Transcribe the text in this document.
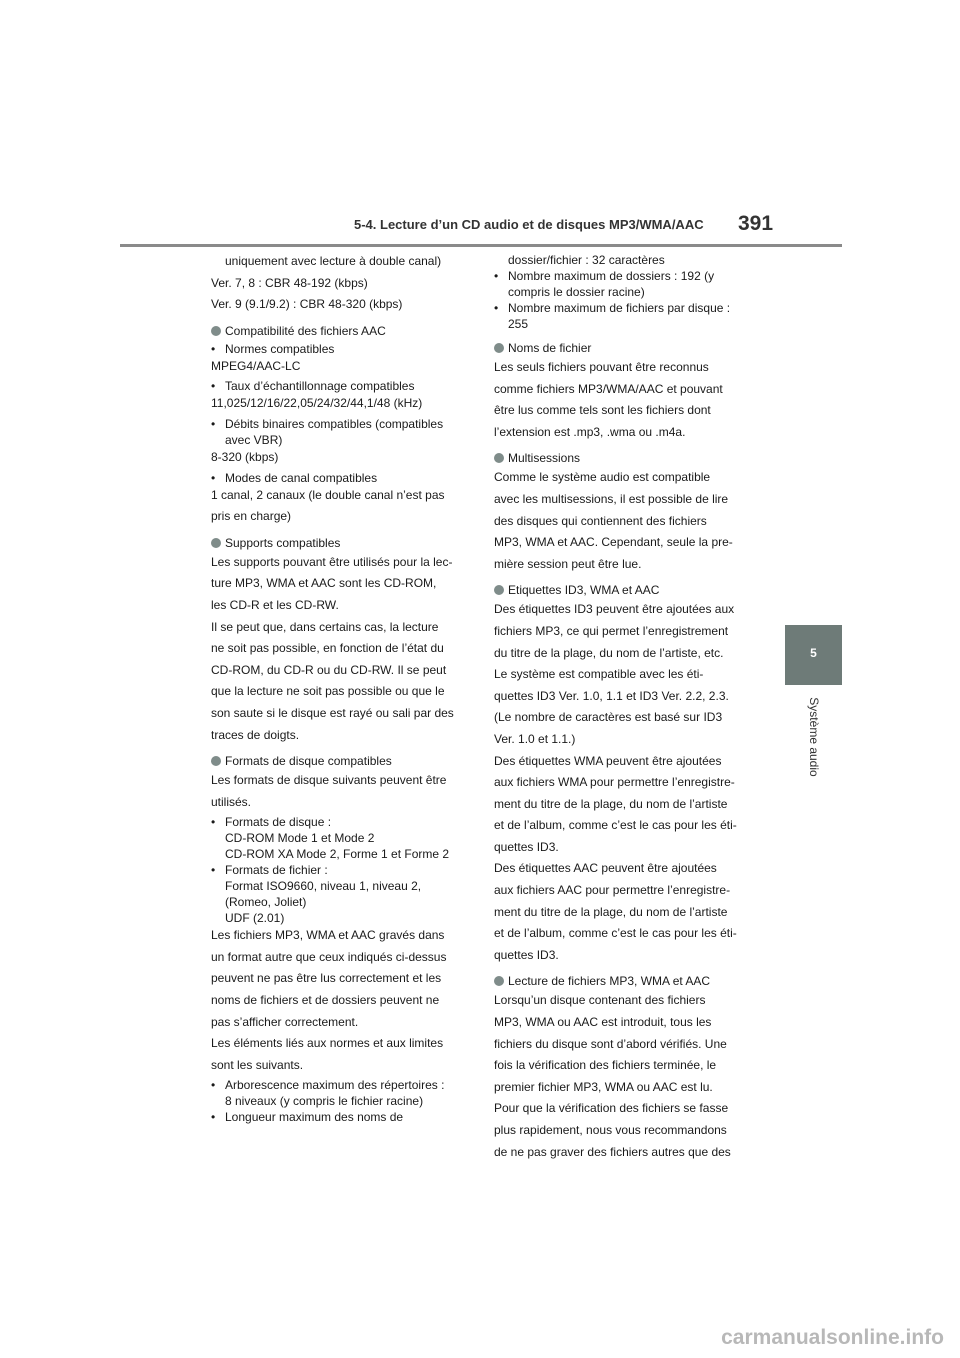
5-4. Lecture d’un CD audio et de disques MP3/WMA/AAC 391
5
Système audio

uniquement avec lecture à double canal)

Ver. 7, 8 : CBR 48-192 (kbps)

Ver. 9 (9.1/9.2) : CBR 48-320 (kbps)

Compatibilité des fichiers AAC
• Normes compatibles

MPEG4/AAC-LC

• Taux d’échantillonnage compatibles

11,025/12/16/22,05/24/32/44,1/48 (kHz)

• Débits binaires compatibles (compatibles
avec VBR)

8-320 (kbps)

• Modes de canal compatibles

1 canal, 2 canaux (le double canal n’est pas

pris en charge)

Supports compatibles

Les supports pouvant être utilisés pour la lec-

ture MP3, WMA et AAC sont les CD-ROM,

les CD-R et les CD-RW.

Il se peut que, dans certains cas, la lecture

ne soit pas possible, en fonction de l’état du

CD-ROM, du CD-R ou du CD-RW. Il se peut

que la lecture ne soit pas possible ou que le

son saute si le disque est rayé ou sali par des

traces de doigts.

Formats de disque compatibles

Les formats de disque suivants peuvent être

utilisés.

• Formats de disque :
CD-ROM Mode 1 et Mode 2
CD-ROM XA Mode 2, Forme 1 et Forme 2
• Formats de fichier :
Format ISO9660, niveau 1, niveau 2,
(Romeo, Joliet)
UDF (2.01)

Les fichiers MP3, WMA et AAC gravés dans

un format autre que ceux indiqués ci-dessus

peuvent ne pas être lus correctement et les

noms de fichiers et de dossiers peuvent ne

pas s’afficher correctement.

Les éléments liés aux normes et aux limites

sont les suivants.

• Arborescence maximum des répertoires :
8 niveaux (y compris le fichier racine)
• Longueur maximum des noms de
dossier/fichier : 32 caractères
• Nombre maximum de dossiers : 192 (y
compris le dossier racine)
• Nombre maximum de fichiers par disque :
255
Noms de fichier

Les seuls fichiers pouvant être reconnus

comme fichiers MP3/WMA/AAC et pouvant

être lus comme tels sont les fichiers dont

l’extension est .mp3, .wma ou .m4a.

Multisessions

Comme le système audio est compatible

avec les multisessions, il est possible de lire

des disques qui contiennent des fichiers

MP3, WMA et AAC. Cependant, seule la pre-

mière session peut être lue.

Etiquettes ID3, WMA et AAC

Des étiquettes ID3 peuvent être ajoutées aux

fichiers MP3, ce qui permet l’enregistrement

du titre de la plage, du nom de l’artiste, etc.

Le système est compatible avec les éti-

quettes ID3 Ver. 1.0, 1.1 et ID3 Ver. 2.2, 2.3.

(Le nombre de caractères est basé sur ID3

Ver. 1.0 et 1.1.)

Des étiquettes WMA peuvent être ajoutées

aux fichiers WMA pour permettre l’enregistre-

ment du titre de la plage, du nom de l’artiste

et de l’album, comme c’est le cas pour les éti-

quettes ID3.

Des étiquettes AAC peuvent être ajoutées

aux fichiers AAC pour permettre l’enregistre-

ment du titre de la plage, du nom de l’artiste

et de l’album, comme c’est le cas pour les éti-

quettes ID3.

Lecture de fichiers MP3, WMA et AAC

Lorsqu’un disque contenant des fichiers

MP3, WMA ou AAC est introduit, tous les

fichiers du disque sont d’abord vérifiés. Une

fois la vérification des fichiers terminée, le

premier fichier MP3, WMA ou AAC est lu.

Pour que la vérification des fichiers se fasse

plus rapidement, nous vous recommandons

de ne pas graver des fichiers autres que des

carmanualsonline.info
